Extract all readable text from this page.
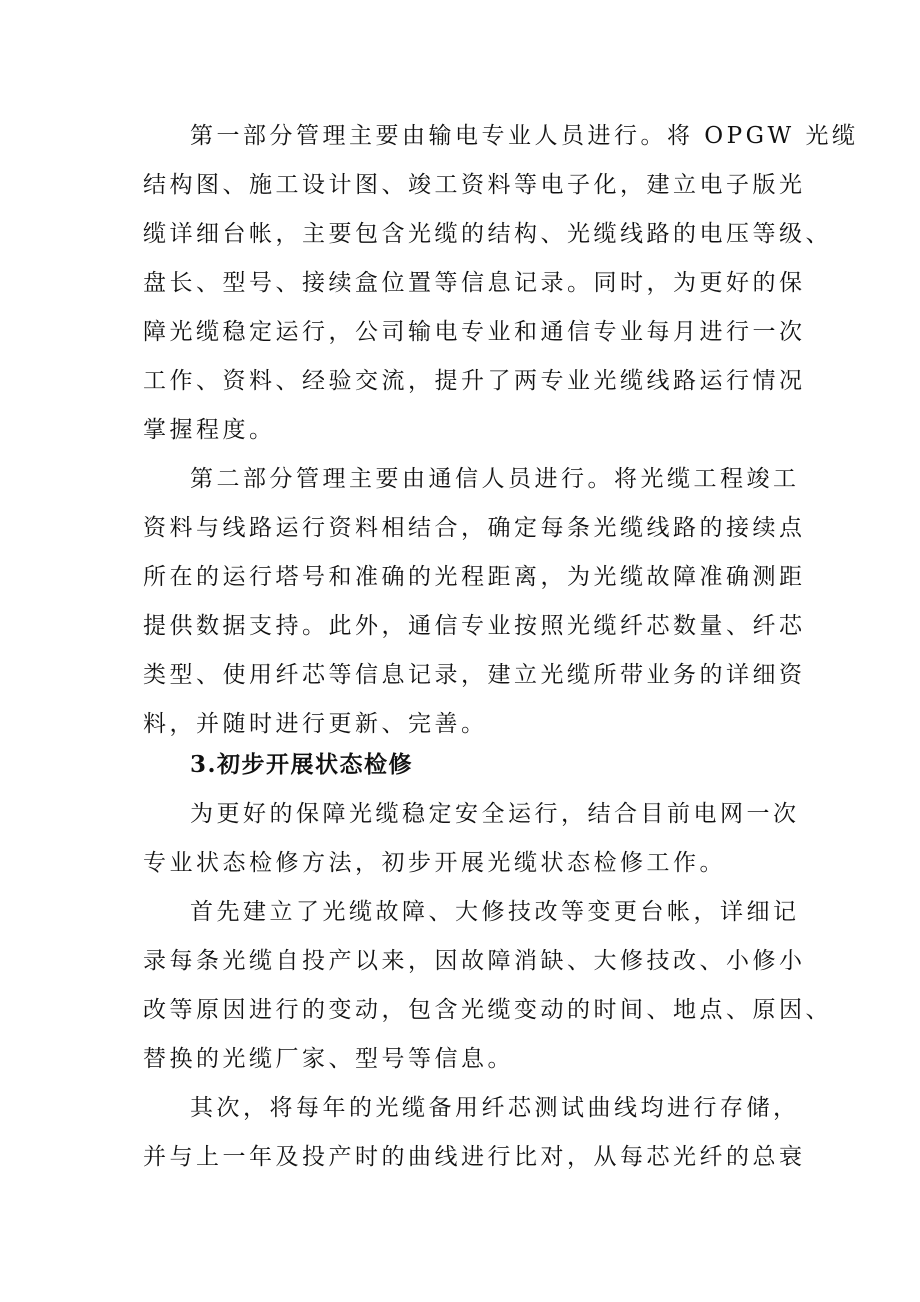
第一部分管理主要由输电专业人员进行。将 OPGW 光缆
结构图、施工设计图、竣工资料等电子化，建立电子版光
缆详细台帐，主要包含光缆的结构、光缆线路的电压等级、
盘长、型号、接续盒位置等信息记录。同时，为更好的保
障光缆稳定运行，公司输电专业和通信专业每月进行一次
工作、资料、经验交流，提升了两专业光缆线路运行情况
掌握程度。
第二部分管理主要由通信人员进行。将光缆工程竣工
资料与线路运行资料相结合，确定每条光缆线路的接续点
所在的运行塔号和准确的光程距离，为光缆故障准确测距
提供数据支持。此外，通信专业按照光缆纤芯数量、纤芯
类型、使用纤芯等信息记录，建立光缆所带业务的详细资
料，并随时进行更新、完善。
3.初步开展状态检修
为更好的保障光缆稳定安全运行，结合目前电网一次
专业状态检修方法，初步开展光缆状态检修工作。
首先建立了光缆故障、大修技改等变更台帐，详细记
录每条光缆自投产以来，因故障消缺、大修技改、小修小
改等原因进行的变动，包含光缆变动的时间、地点、原因、
替换的光缆厂家、型号等信息。
其次，将每年的光缆备用纤芯测试曲线均进行存储，
并与上一年及投产时的曲线进行比对，从每芯光纤的总衰
